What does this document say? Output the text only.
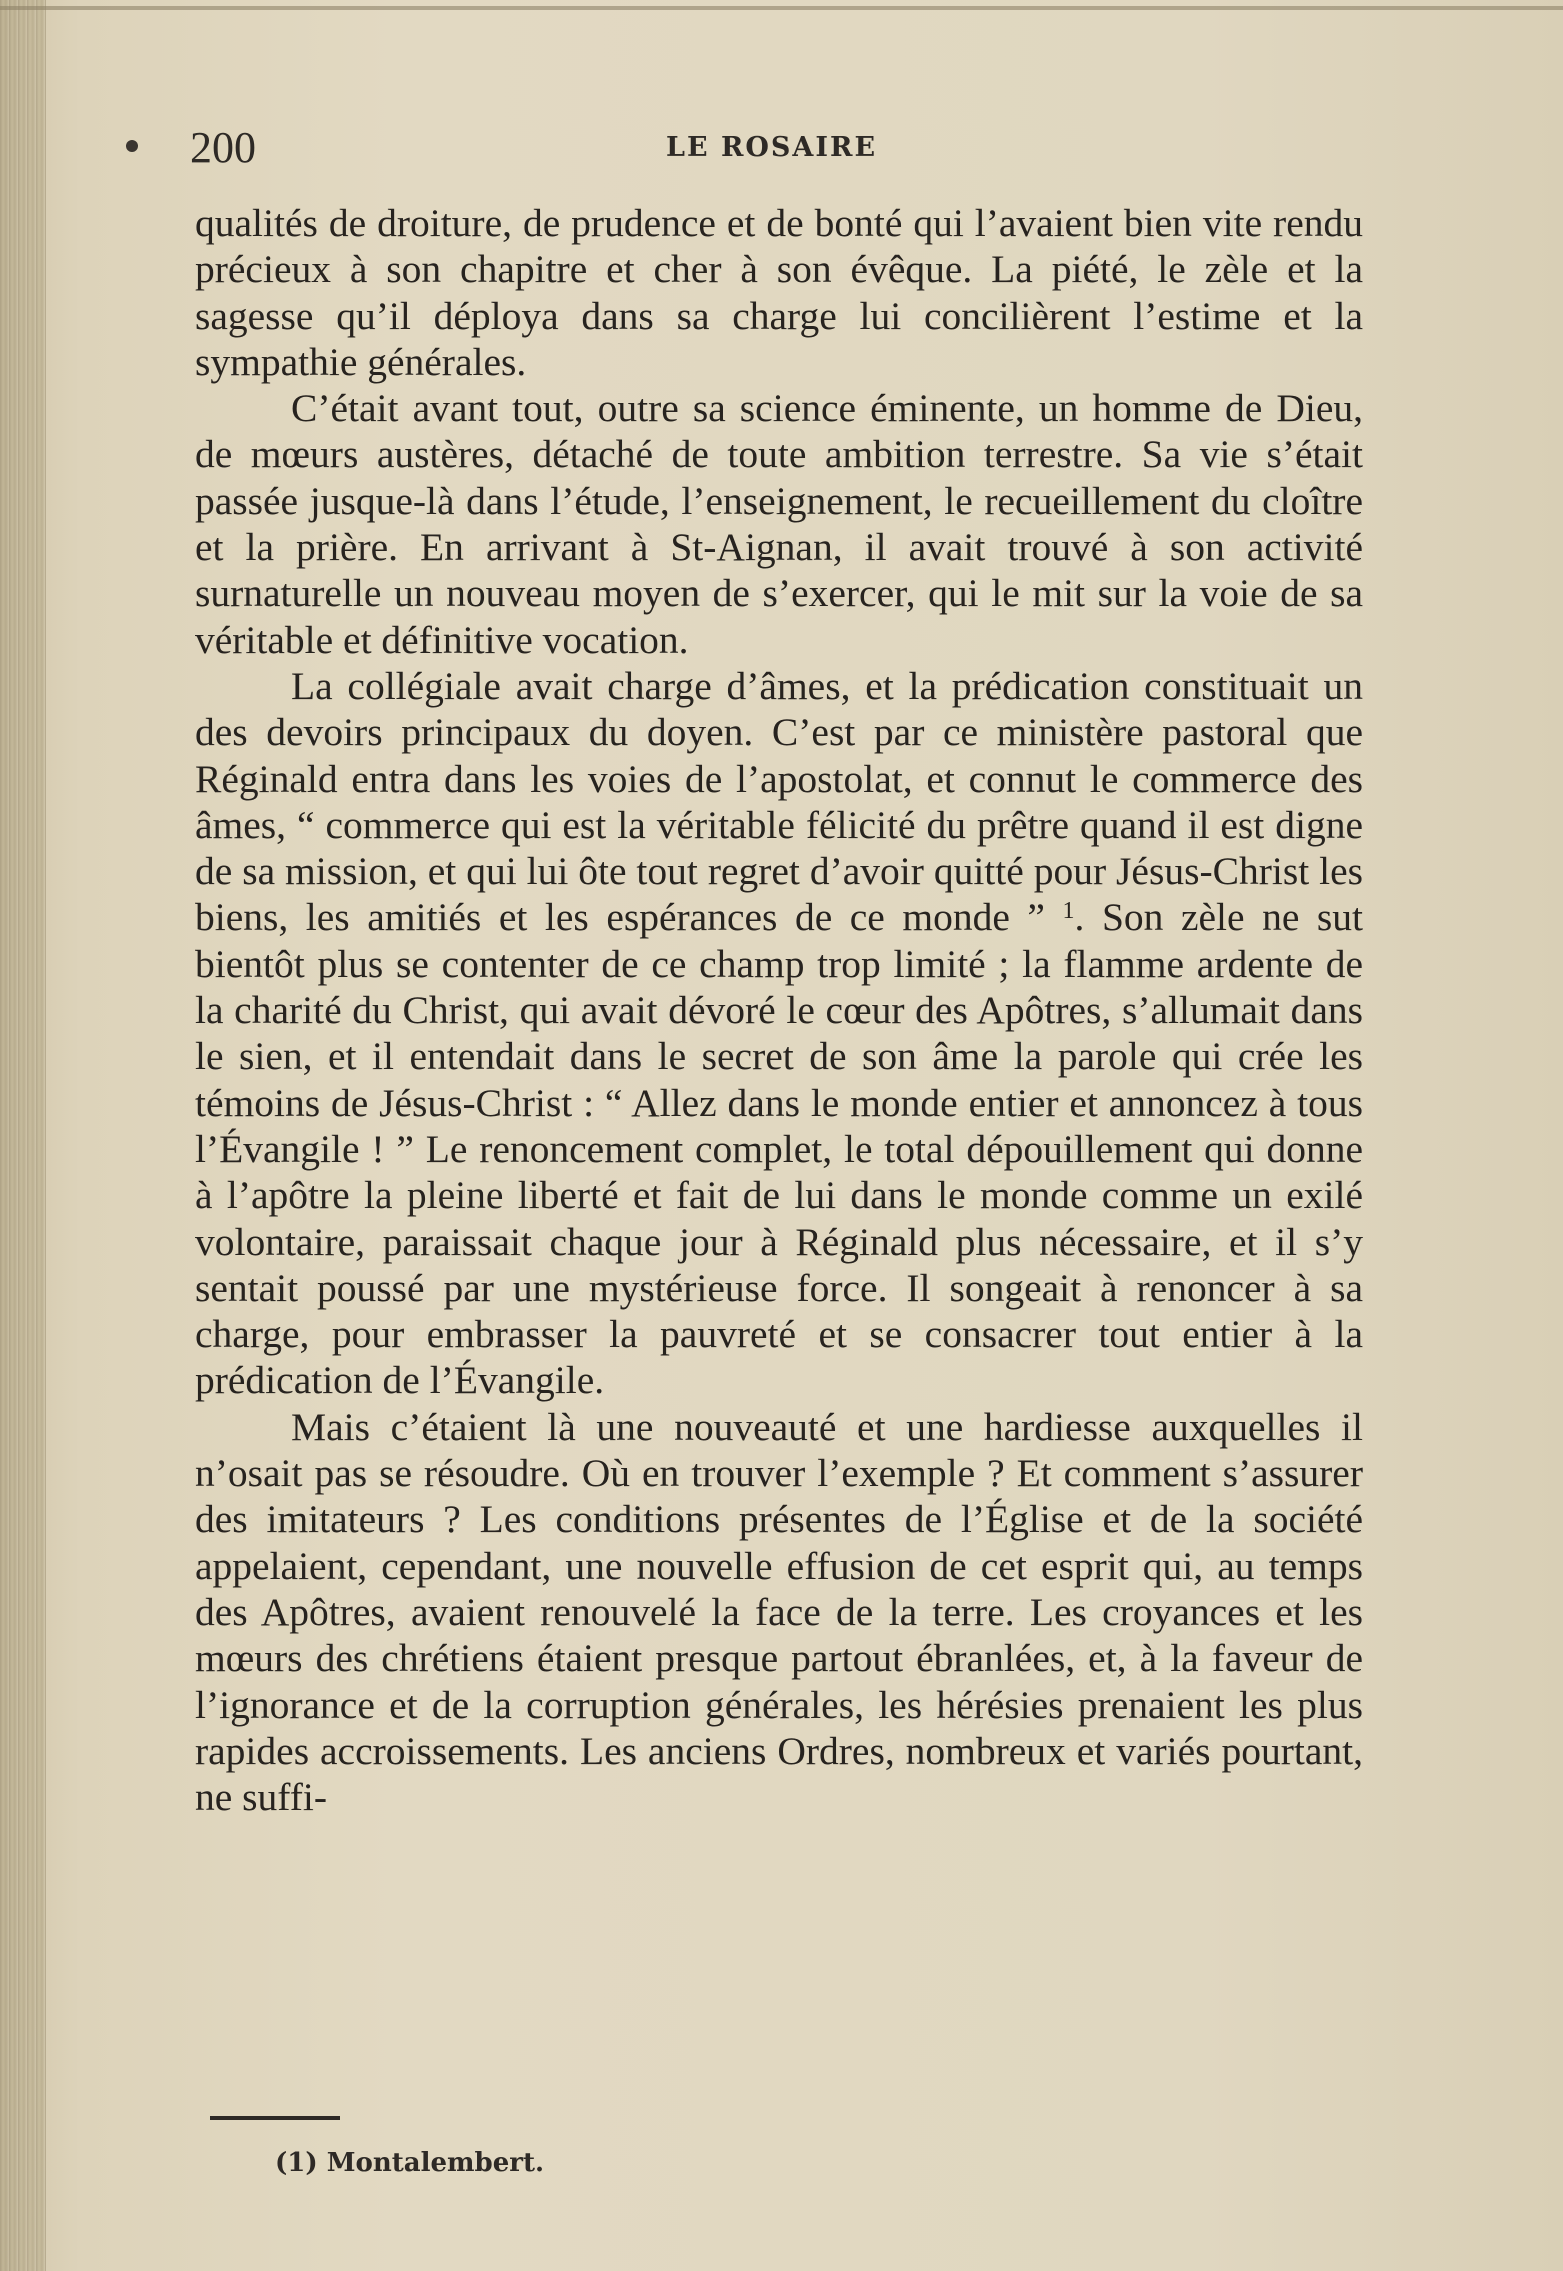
200	LE ROSAIRE

qualités de droiture, de prudence et de bonté qui l’avaient bien vite rendu précieux à son chapitre et cher à son évêque. La piété, le zèle et la sagesse qu’il déploya dans sa charge lui concilièrent l’estime et la sympathie générales.

C’était avant tout, outre sa science éminente, un homme de Dieu, de mœurs austères, détaché de toute ambition terrestre. Sa vie s’était passée jusque-là dans l’étude, l’enseignement, le recueillement du cloître et la prière. En arrivant à St-Aignan, il avait trouvé à son activité surnaturelle un nouveau moyen de s’exercer, qui le mit sur la voie de sa véritable et définitive vocation.

La collégiale avait charge d’âmes, et la prédication constituait un des devoirs principaux du doyen. C’est par ce ministère pastoral que Réginald entra dans les voies de l’apostolat, et connut le commerce des âmes, “ commerce qui est la véritable félicité du prêtre quand il est digne de sa mission, et qui lui ôte tout regret d’avoir quitté pour Jésus-Christ les biens, les amitiés et les espérances de ce monde ” $^1$. Son zèle ne sut bientôt plus se contenter de ce champ trop limité ; la flamme ardente de la charité du Christ, qui avait dévoré le cœur des Apôtres, s’allumait dans le sien, et il entendait dans le secret de son âme la parole qui crée les témoins de Jésus-Christ : “ Allez dans le monde entier et annoncez à tous l’Évangile ! ” Le renoncement complet, le total dépouillement qui donne à l’apôtre la pleine liberté et fait de lui dans le monde comme un exilé volontaire, paraissait chaque jour à Réginald plus nécessaire, et il s’y sentait poussé par une mystérieuse force. Il songeait à renoncer à sa charge, pour embrasser la pauvreté et se consacrer tout entier à la prédication de l’Évangile.

Mais c’étaient là une nouveauté et une hardiesse auxquelles il n’osait pas se résoudre. Où en trouver l’exemple ? Et comment s’assurer des imitateurs ? Les conditions présentes de l’Église et de la société appelaient, cependant, une nouvelle effusion de cet esprit qui, au temps des Apôtres, avaient renouvelé la face de la terre. Les croyances et les mœurs des chrétiens étaient presque partout ébranlées, et, à la faveur de l’ignorance et de la corruption générales, les hérésies prenaient les plus rapides accroissements. Les anciens Ordres, nombreux et variés pourtant, ne suffi-

(1) Montalembert.
